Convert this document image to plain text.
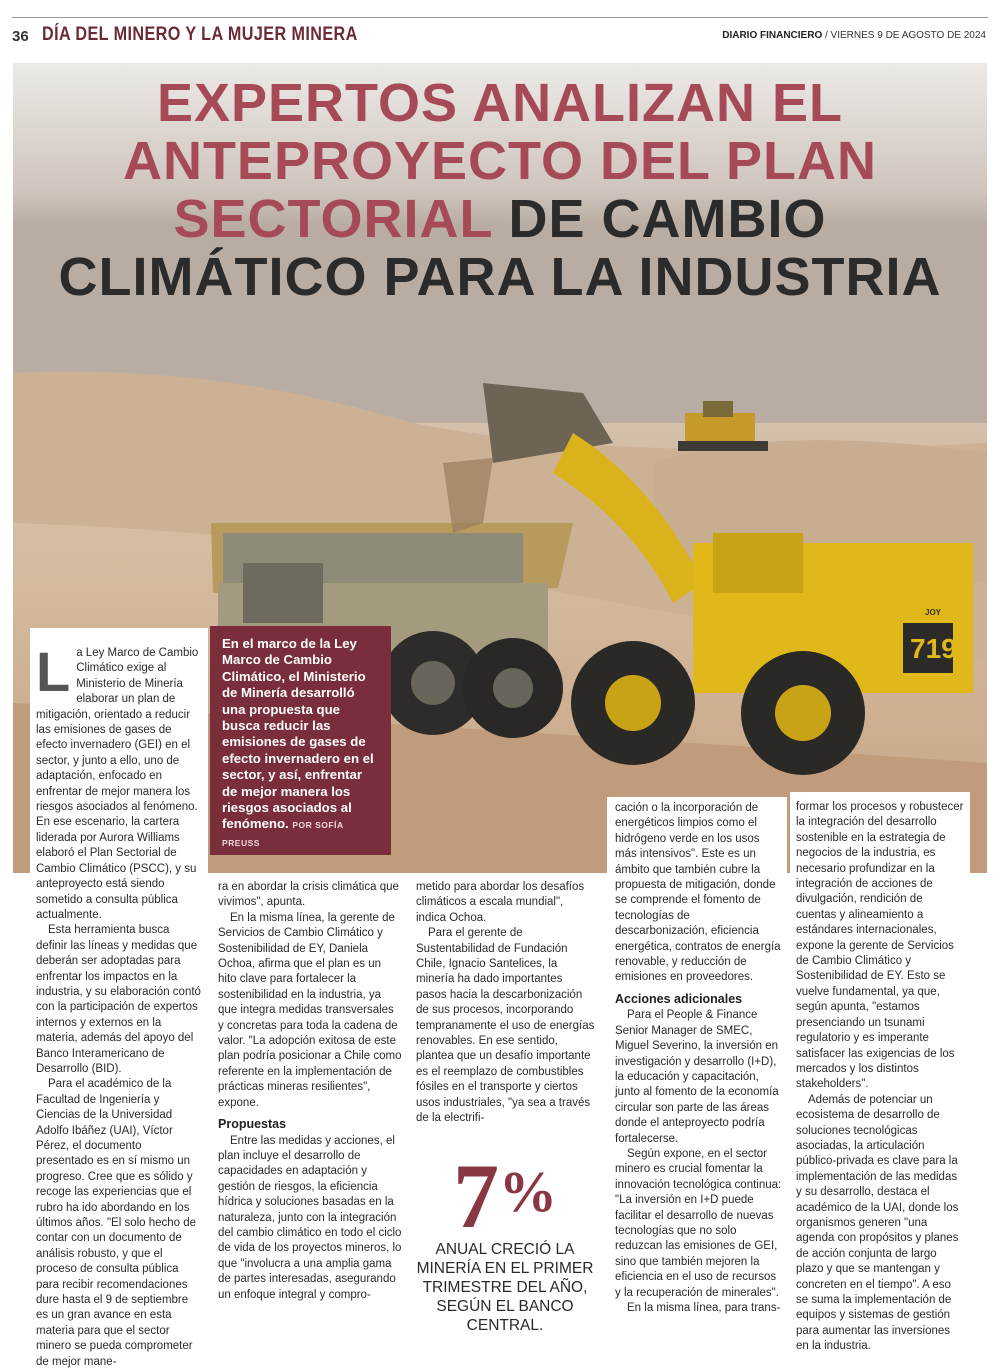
36 DÍA DEL MINERO Y LA MUJER MINERA	DIARIO FINANCIERO / VIERNES 9 DE AGOSTO DE 2024
719
JOY
EXPERTOS ANALIZAN EL
ANTEPROYECTO DEL PLAN
SECTORIAL DE CAMBIO
CLIMÁTICO PARA LA INDUSTRIA
En el marco de la Ley Marco de Cambio Climático, el Ministerio de Minería desarrolló una propuesta que busca reducir las emisiones de gases de efecto invernadero en el sector, y así, enfrentar de mejor manera los riesgos asociados al fenómeno. POR SOFÍA PREUSS
L a Ley Marco de Cambio Climático exige al Ministerio de Minería elaborar un plan de mitigación, orientado a reducir las emisiones de gases de efecto invernadero (GEI) en el sector, y junto a ello, uno de adaptación, enfocado en enfrentar de mejor manera los riesgos asociados al fenómeno. En ese escenario, la cartera liderada por Aurora Williams elaboró el Plan Sectorial de Cambio Climático (PSCC), y su anteproyecto está siendo sometido a consulta pública actualmente.

Esta herramienta busca definir las líneas y medidas que deberán ser adoptadas para enfrentar los impactos en la industria, y su elaboración contó con la participación de expertos internos y externos en la materia, además del apoyo del Banco Interamericano de Desarrollo (BID).

Para el académico de la Facultad de Ingeniería y Ciencias de la Universidad Adolfo Ibáñez (UAI), Víctor Pérez, el documento presentado es en sí mismo un progreso. Cree que es sólido y recoge las experiencias que el rubro ha ido abordando en los últimos años. "El solo hecho de contar con un documento de análisis robusto, y que el proceso de consulta pública para recibir recomendaciones dure hasta el 9 de septiembre es un gran avance en esta materia para que el sector minero se pueda comprometer de mejor mane-

ra en abordar la crisis climática que vivimos", apunta.

En la misma línea, la gerente de Servicios de Cambio Climático y Sostenibilidad de EY, Daniela Ochoa, afirma que el plan es un hito clave para fortalecer la sostenibilidad en la industria, ya que integra medidas transversales y concretas para toda la cadena de valor. "La adopción exitosa de este plan podría posicionar a Chile como referente en la implementación de prácticas mineras resilientes", expone.

Propuestas

Entre las medidas y acciones, el plan incluye el desarrollo de capacidades en adaptación y gestión de riesgos, la eficiencia hídrica y soluciones basadas en la naturaleza, junto con la integración del cambio climático en todo el ciclo de vida de los proyectos mineros, lo que "involucra a una amplia gama de partes interesadas, asegurando un enfoque integral y compro-

metido para abordar los desafíos climáticos a escala mundial", indica Ochoa.

Para el gerente de Sustentabilidad de Fundación Chile, Ignacio Santelices, la minería ha dado importantes pasos hacia la descarbonización de sus procesos, incorporando tempranamente el uso de energías renovables. En ese sentido, plantea que un desafío importante es el reemplazo de combustibles fósiles en el transporte y ciertos usos industriales, "ya sea a través de la electrifi-

7%
ANUAL CRECIÓ LA MINERÍA EN EL PRIMER TRIMESTRE DEL AÑO, SEGÚN EL BANCO CENTRAL.

cación o la incorporación de energéticos limpios como el hidrógeno verde en los usos más intensivos". Este es un ámbito que también cubre la propuesta de mitigación, donde se comprende el fomento de tecnologías de descarbonización, eficiencia energética, contratos de energía renovable, y reducción de emisiones en proveedores.

Acciones adicionales

Para el People & Finance Senior Manager de SMEC, Miguel Severino, la inversión en investigación y desarrollo (I+D), la educación y capacitación, junto al fomento de la economía circular son parte de las áreas donde el anteproyecto podría fortalecerse.

Según expone, en el sector minero es crucial fomentar la innovación tecnológica continua: "La inversión en I+D puede facilitar el desarrollo de nuevas tecnologías que no solo reduzcan las emisiones de GEI, sino que también mejoren la eficiencia en el uso de recursos y la recuperación de minerales".

En la misma línea, para trans-

formar los procesos y robustecer la integración del desarrollo sostenible en la estrategia de negocios de la industria, es necesario profundizar en la integración de acciones de divulgación, rendición de cuentas y alineamiento a estándares internacionales, expone la gerente de Servicios de Cambio Climático y Sostenibilidad de EY. Esto se vuelve fundamental, ya que, según apunta, "estamos presenciando un tsunami regulatorio y es imperante satisfacer las exigencias de los mercados y los distintos stakeholders".

Además de potenciar un ecosistema de desarrollo de soluciones tecnológicas asociadas, la articulación público-privada es clave para la implementación de las medidas y su desarrollo, destaca el académico de la UAI, donde los organismos generen "una agenda con propósitos y planes de acción conjunta de largo plazo y que se mantengan y concreten en el tiempo". A eso se suma la implementación de equipos y sistemas de gestión para aumentar las inversiones en la industria.
